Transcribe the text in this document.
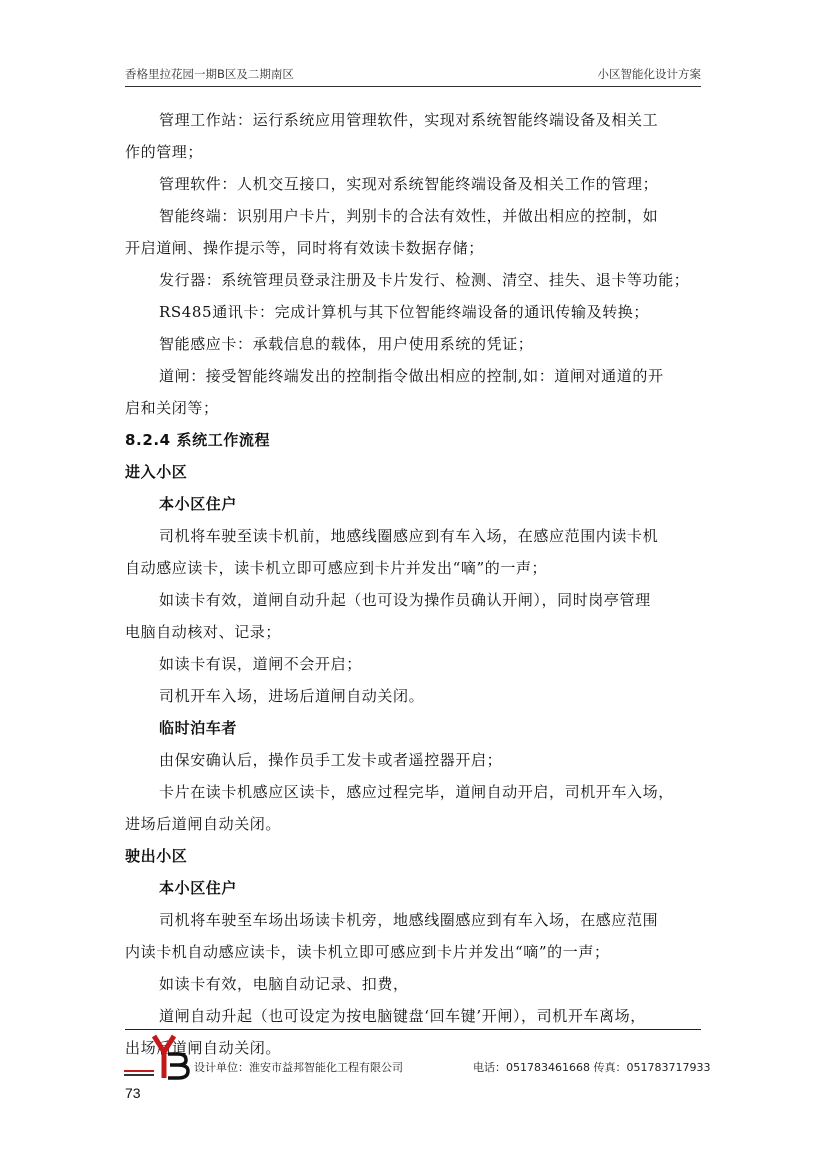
香格里拉花园一期B区及二期南区	小区智能化设计方案
管理工作站：运行系统应用管理软件，实现对系统智能终端设备及相关工
作的管理；
管理软件：人机交互接口，实现对系统智能终端设备及相关工作的管理；
智能终端：识别用户卡片，判别卡的合法有效性，并做出相应的控制，如
开启道闸、操作提示等，同时将有效读卡数据存储；
发行器：系统管理员登录注册及卡片发行、检测、清空、挂失、退卡等功能；
RS485通讯卡：完成计算机与其下位智能终端设备的通讯传输及转换；
智能感应卡：承载信息的载体，用户使用系统的凭证；
道闸：接受智能终端发出的控制指令做出相应的控制,如：道闸对通道的开
启和关闭等；
8.2.4 系统工作流程
进入小区
本小区住户
司机将车驶至读卡机前，地感线圈感应到有车入场，在感应范围内读卡机
自动感应读卡，读卡机立即可感应到卡片并发出“嘀”的一声；
如读卡有效，道闸自动升起（也可设为操作员确认开闸），同时岗亭管理
电脑自动核对、记录；
如读卡有误，道闸不会开启；
司机开车入场，进场后道闸自动关闭。
临时泊车者
由保安确认后，操作员手工发卡或者遥控器开启；
卡片在读卡机感应区读卡，感应过程完毕，道闸自动开启，司机开车入场，
进场后道闸自动关闭。
驶出小区
本小区住户
司机将车驶至车场出场读卡机旁，地感线圈感应到有车入场，在感应范围
内读卡机自动感应读卡，读卡机立即可感应到卡片并发出“嘀”的一声；
如读卡有效，电脑自动记录、扣费，
道闸自动升起（也可设定为按电脑键盘‘回车键’开闸），司机开车离场，
出场后道闸自动关闭。
设计单位：淮安市益邦智能化工程有限公司	电话：051783461668 传真：051783717933
73
